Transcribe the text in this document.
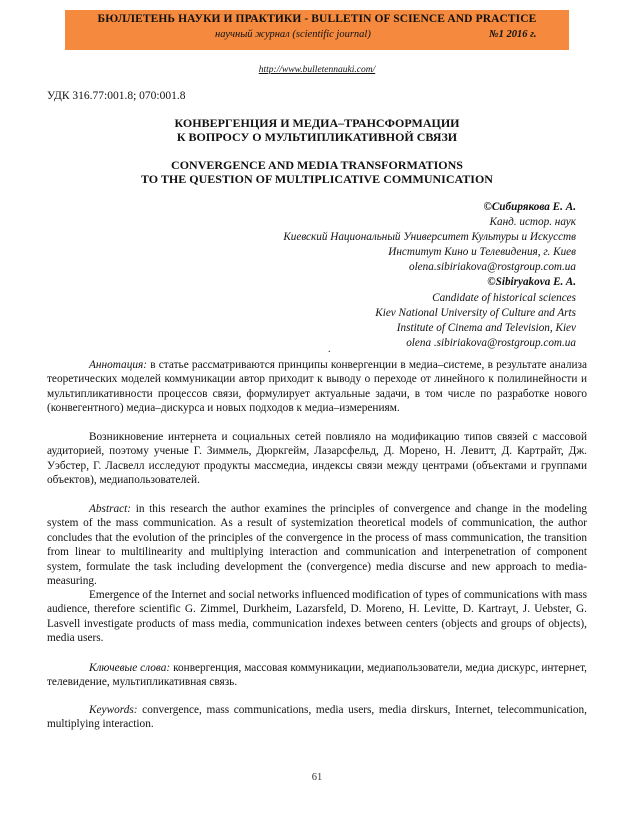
БЮЛЛЕТЕНЬ НАУКИ И ПРАКТИКИ - BULLETIN OF SCIENCE AND PRACTICE
научный журнал (scientific journal)	№1 2016 г.
http://www.bulletennauki.com/
УДК 316.77:001.8; 070:001.8
КОНВЕРГЕНЦИЯ И МЕДИА–ТРАНСФОРМАЦИИ
К ВОПРОСУ О МУЛЬТИПЛИКАТИВНОЙ СВЯЗИ
CONVERGENCE AND MEDIA TRANSFORMATIONS
TO THE QUESTION OF MULTIPLICATIVE COMMUNICATION
©Сибирякова Е. А.
Канд. истор. наук
Киевский Национальный Университет Культуры и Искусств
Институт Кино и Телевидения, г. Киев
olena.sibiriakova@rostgroup.com.ua
©Sibiryakova E. A.
Candidate of historical sciences
Kiev National University of Culture and Arts
Institute of Cinema and Television, Kiev
olena .sibiriakova@rostgroup.com.ua
.

Аннотация: в статье рассматриваются принципы конвергенции в медиа–системе, в результате анализа теоретических моделей коммуникации автор приходит к выводу о переходе от линейного к полилинейности и мультипликативности процессов связи, формулирует актуальные задачи, в том числе по разработке нового (конвегентного) медиа–дискурса и новых подходов к медиа–измерениям.

Возникновение интернета и социальных сетей повлияло на модификацию типов связей с массовой аудиторией, поэтому ученые Г. Зиммель, Дюркгейм, Лазарсфельд, Д. Морено, Н. Левитт, Д. Картрайт, Дж. Уэбстер, Г. Ласвелл исследуют продукты массмедиа, индексы связи между центрами (объектами и группами объектов), медиапользователей.

Abstract: in this research the author examines the principles of convergence and change in the modeling system of the mass communication. As a result of systemization theoretical models of communication, the author concludes that the evolution of the principles of the convergence in the process of mass communication, the transition from linear to multilinearity and multiplying interaction and communication and interpenetration of component system, formulate the task including development the (convergence) media discurse and new approach to media-measuring.

Emergence of the Internet and social networks influenced modification of types of communications with mass audience, therefore scientific G. Zimmel, Durkheim, Lazarsfeld, D. Moreno, H. Levitte, D. Kartrayt, J. Uebster, G. Lasvell investigate products of mass media, communication indexes between centers (objects and groups of objects), media users.

Ключевые слова: конвергенция, массовая коммуникации, медиапользователи, медиа дискурс, интернет, телевидение, мультипликативная связь.

Keywords: convergence, mass communications, media users, media dirskurs, Internet, telecommunication, multiplying interaction.

61
